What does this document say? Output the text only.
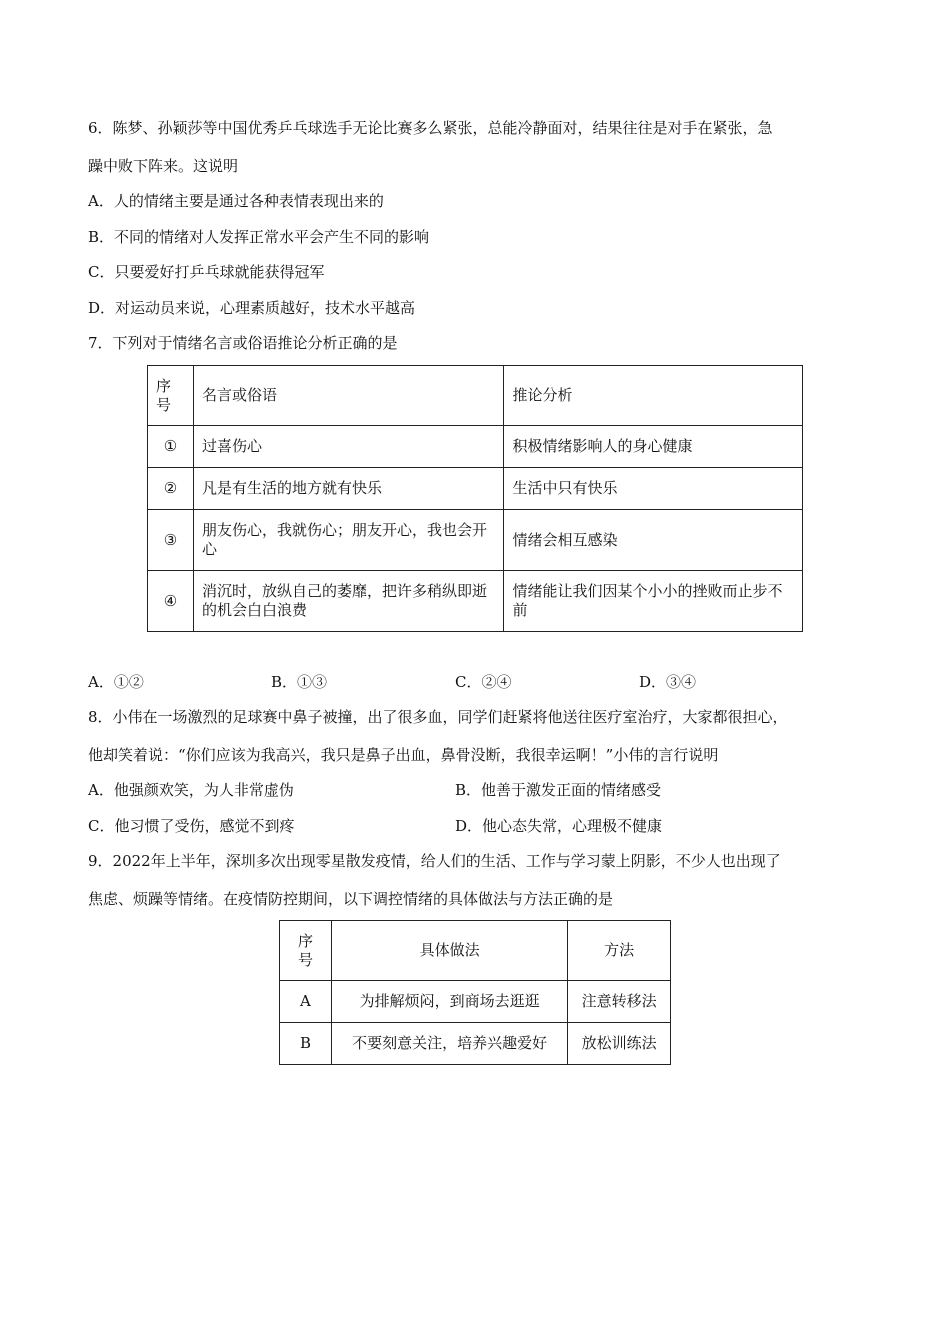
6．陈梦、孙颖莎等中国优秀乒乓球选手无论比赛多么紧张，总能冷静面对，结果往往是对手在紧张，急
躁中败下阵来。这说明
A．人的情绪主要是通过各种表情表现出来的
B．不同的情绪对人发挥正常水平会产生不同的影响
C．只要爱好打乒乓球就能获得冠军
D．对运动员来说，心理素质越好，技术水平越高
7．下列对于情绪名言或俗语推论分析正确的是
序号	名言或俗语	推论分析
①	过喜伤心	积极情绪影响人的身心健康
②	凡是有生活的地方就有快乐	生活中只有快乐
③	朋友伤心，我就伤心；朋友开心，我也会开心	情绪会相互感染
④	消沉时，放纵自己的萎靡，把许多稍纵即逝的机会白白浪费	情绪能让我们因某个小小的挫败而止步不前
A．①②	B．①③	C．②④	D．③④
8．小伟在一场激烈的足球赛中鼻子被撞，出了很多血，同学们赶紧将他送往医疗室治疗，大家都很担心，
他却笑着说：“你们应该为我高兴，我只是鼻子出血，鼻骨没断，我很幸运啊！”小伟的言行说明
A．他强颜欢笑，为人非常虚伪	B．他善于激发正面的情绪感受
C．他习惯了受伤，感觉不到疼	D．他心态失常，心理极不健康
9．2022年上半年，深圳多次出现零星散发疫情，给人们的生活、工作与学习蒙上阴影，不少人也出现了
焦虑、烦躁等情绪。在疫情防控期间，以下调控情绪的具体做法与方法正确的是
序号	具体做法	方法
A	为排解烦闷，到商场去逛逛	注意转移法
B	不要刻意关注，培养兴趣爱好	放松训练法
